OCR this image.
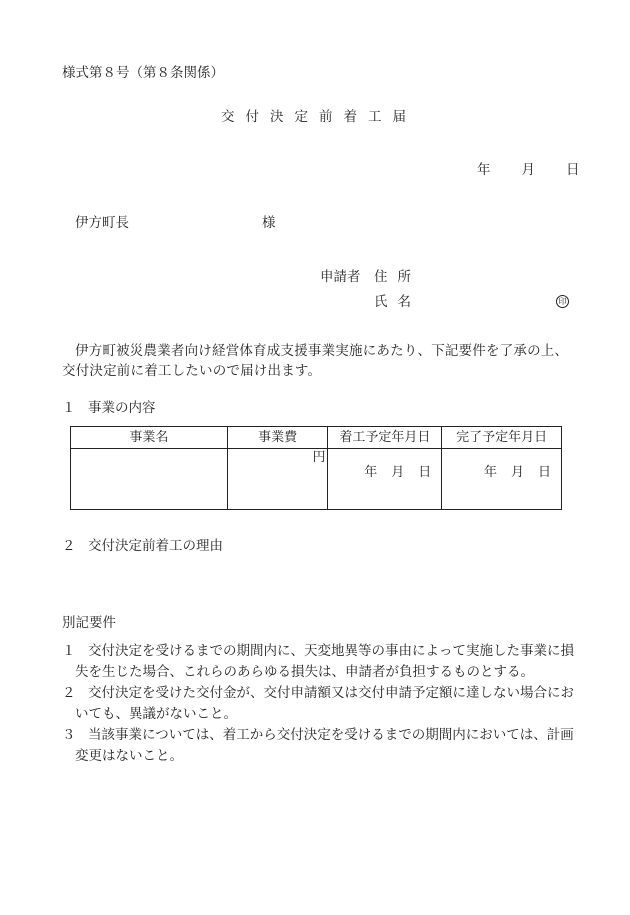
様式第８号（第８条関係）
交付決定前着工届
年 月 日
伊方町長	様
申請者 住所
氏名	印
伊方町被災農業者向け経営体育成支援事業実施にあたり、下記要件を了承の上、交付決定前に着工したいので届け出ます。
１ 事業の内容
事業名	事業費	着工予定年月日	完了予定年月日

	円	年 月 日	年 月 日
２ 交付決定前着工の理由
別記要件
１ 交付決定を受けるまでの期間内に、天変地異等の事由によって実施した事業に損
失を生じた場合、これらのあらゆる損失は、申請者が負担するものとする。
２ 交付決定を受けた交付金が、交付申請額又は交付申請予定額に達しない場合にお
いても、異議がないこと。
３ 当該事業については、着工から交付決定を受けるまでの期間内においては、計画
変更はないこと。
